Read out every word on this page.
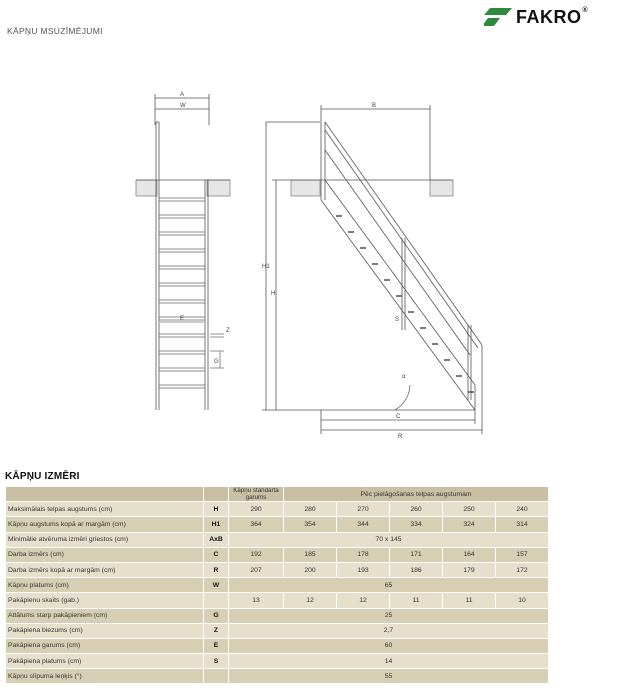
KĀPŅU MSUZĪMĒJUMI
FAKRO®
A
W
E
Z
G
B
H1
H
S
α
C
R
KĀPŅU IZMĒRI
		Kāpņu standarta garums	Pēc pielāgošanas telpas augstumam				
Maksimālais telpas augstums (cm)	H	290	280	270	260	250	240
Kāpņu augstums kopā ar margām (cm)	H1	364	354	344	334	324	314
Minimālie atvēruma izmēri griestos (cm)	AxB	70 x 145					
Darba izmērs (cm)	C	192	185	178	171	164	157
Darba izmērs kopā ar margām (cm)	R	207	200	193	186	179	172
Kāpņu platums (cm)	W	65					
Pakāpienu skaits (gab.)		13	12	12	11	11	10
Attālums starp pakāpieniem (cm)	G	25					
Pakāpiena biezums (cm)	Z	2,7					
Pakāpiena garums (cm)	E	60					
Pakāpiena platums (cm)	S	14					
Kāpņu slīpuma leņķis (°)		55					
